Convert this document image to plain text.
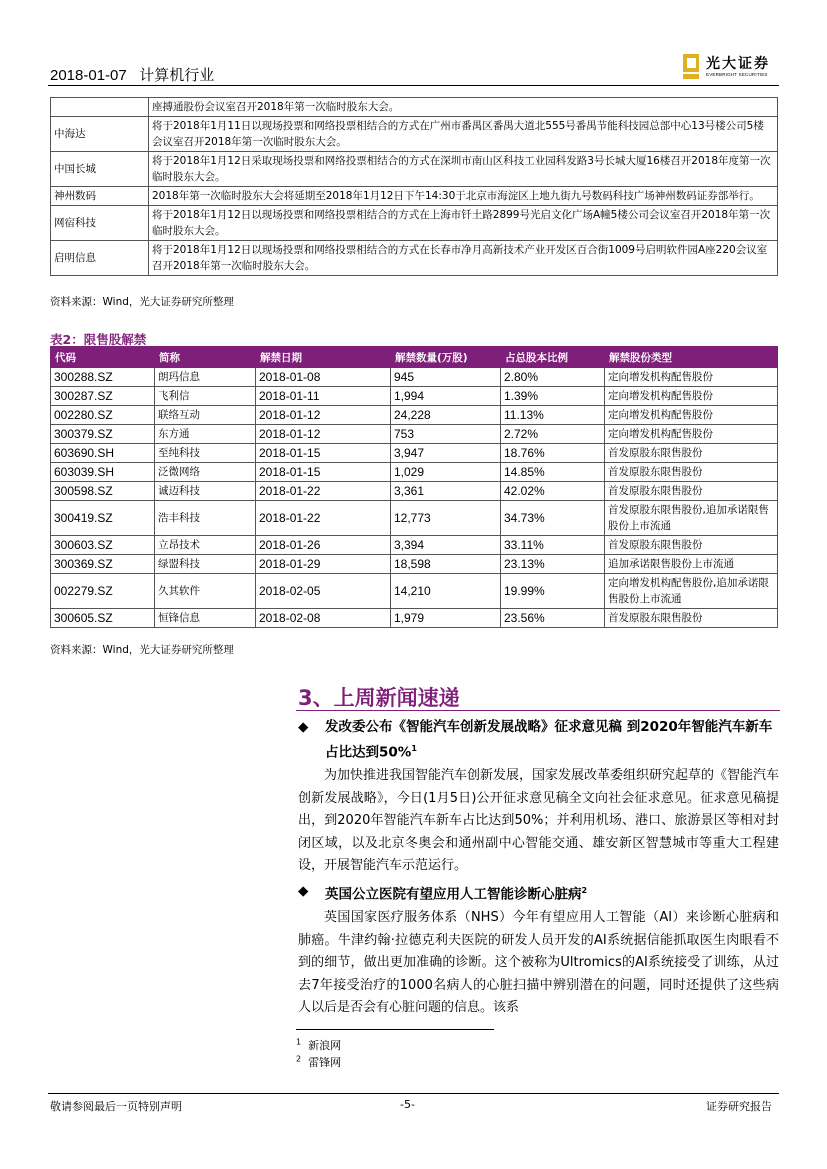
2018-01-07 计算机行业
光大证券
EVERBRIGHT SECURITIES
	座搏通股份会议室召开2018年第一次临时股东大会。
中海达	将于2018年1月11日以现场投票和网络投票相结合的方式在广州市番禺区番禺大道北555号番禺节能科技园总部中心13号楼公司5楼会议室召开2018年第一次临时股东大会。
中国长城	将于2018年1月12日采取现场投票和网络投票相结合的方式在深圳市南山区科技工业园科发路3号长城大厦16楼召开2018年度第一次临时股东大会。
神州数码	2018年第一次临时股东大会将延期至2018年1月12日下午14:30于北京市海淀区上地九街九号数码科技广场神州数码证券部举行。
网宿科技	将于2018年1月12日以现场投票和网络投票相结合的方式在上海市钎土路2899号光启文化广场A幢5楼公司会议室召开2018年第一次临时股东大会。
启明信息	将于2018年1月12日以现场投票和网络投票相结合的方式在长春市净月高新技术产业开发区百合街1009号启明软件园A座220会议室召开2018年第一次临时股东大会。
资料来源：Wind，光大证券研究所整理
表2：限售股解禁
代码	简称	解禁日期	解禁数量(万股)	占总股本比例	解禁股份类型
300288.SZ	朗玛信息	2018-01-08	945	2.80%	定向增发机构配售股份
300287.SZ	飞利信	2018-01-11	1,994	1.39%	定向增发机构配售股份
002280.SZ	联络互动	2018-01-12	24,228	11.13%	定向增发机构配售股份
300379.SZ	东方通	2018-01-12	753	2.72%	定向增发机构配售股份
603690.SH	至纯科技	2018-01-15	3,947	18.76%	首发原股东限售股份
603039.SH	泛微网络	2018-01-15	1,029	14.85%	首发原股东限售股份
300598.SZ	诚迈科技	2018-01-22	3,361	42.02%	首发原股东限售股份
300419.SZ	浩丰科技	2018-01-22	12,773	34.73%	首发原股东限售股份,追加承诺限售股份上市流通
300603.SZ	立昂技术	2018-01-26	3,394	33.11%	首发原股东限售股份
300369.SZ	绿盟科技	2018-01-29	18,598	23.13%	追加承诺限售股份上市流通
002279.SZ	久其软件	2018-02-05	14,210	19.99%	定向增发机构配售股份,追加承诺限售股份上市流通
300605.SZ	恒锋信息	2018-02-08	1,979	23.56%	首发原股东限售股份
资料来源：Wind，光大证券研究所整理
3、上周新闻速递
◆ 发改委公布《智能汽车创新发展战略》征求意见稿 到2020年智能汽车新车占比达到50%$^1$
为加快推进我国智能汽车创新发展，国家发展改革委组织研究起草的《智能汽车创新发展战略》，今日(1月5日)公开征求意见稿全文向社会征求意见。征求意见稿提出，到2020年智能汽车新车占比达到50%；并利用机场、港口、旅游景区等相对封闭区域，以及北京冬奥会和通州副中心智能交通、雄安新区智慧城市等重大工程建设，开展智能汽车示范运行。
◆ 英国公立医院有望应用人工智能诊断心脏病$^2$
英国国家医疗服务体系（NHS）今年有望应用人工智能（AI）来诊断心脏病和肺癌。牛津约翰·拉德克利夫医院的研发人员开发的AI系统据信能抓取医生肉眼看不到的细节，做出更加准确的诊断。这个被称为Ultromics的AI系统接受了训练，从过去7年接受治疗的1000名病人的心脏扫描中辨别潜在的问题，同时还提供了这些病人以后是否会有心脏问题的信息。该系
$^1$ 新浪网
$^2$ 雷锋网
敬请参阅最后一页特别声明	-5-	证券研究报告
